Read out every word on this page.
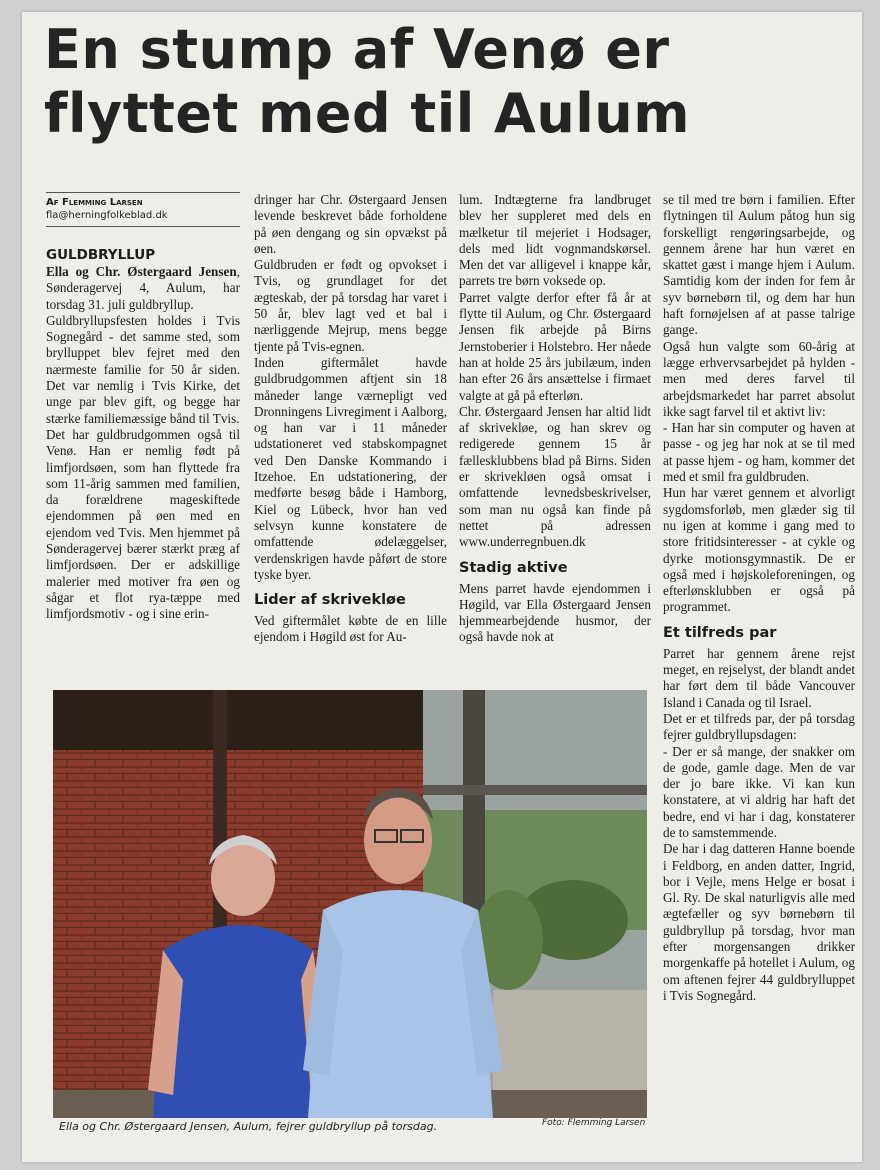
En stump af Venø er
flyttet med til Aulum
Af Flemming Larsen
fla@herningfolkeblad.dk
GULDBRYLLUP

Ella og Chr. Østergaard Jensen, Sønderagervej 4, Aulum, har torsdag 31. juli guldbryllup.

Guldbryllupsfesten holdes i Tvis Sognegård - det samme sted, som brylluppet blev fejret med den nærmeste familie for 50 år siden. Det var nemlig i Tvis Kirke, det unge par blev gift, og begge har stærke familiemæssige bånd til Tvis.

Det har guldbrudgommen også til Venø. Han er nemlig født på limfjordsøen, som han flyttede fra som 11-årig sammen med familien, da forældrene mageskiftede ejendommen på øen med en ejendom ved Tvis. Men hjemmet på Sønderagervej bærer stærkt præg af limfjordsøen. Der er adskillige malerier med motiver fra øen og sågar et flot rya-tæppe med limfjordsmotiv - og i sine erin-

dringer har Chr. Østergaard Jensen levende beskrevet både forholdene på øen dengang og sin opvækst på øen.

Guldbruden er født og opvokset i Tvis, og grundlaget for det ægteskab, der på torsdag har varet i 50 år, blev lagt ved et bal i nærliggende Mejrup, mens begge tjente på Tvis-egnen.

Inden giftermålet havde guldbrudgommen aftjent sin 18 måneder lange værnepligt ved Dronningens Livregiment i Aalborg, og han var i 11 måneder udstationeret ved stabskompagnet ved Den Danske Kommando i Itzehoe. En udstationering, der medførte besøg både i Hamborg, Kiel og Lübeck, hvor han ved selvsyn kunne konstatere de omfattende ødelæggelser, verdenskrigen havde påført de store tyske byer.

Lider af skrivekløe

Ved giftermålet købte de en lille ejendom i Høgild øst for Au-

lum. Indtægterne fra landbruget blev her suppleret med dels en mælketur til mejeriet i Hodsager, dels med lidt vognmandskørsel. Men det var alligevel i knappe kår, parrets tre børn voksede op.

Parret valgte derfor efter få år at flytte til Aulum, og Chr. Østergaard Jensen fik arbejde på Birns Jernstoberier i Holstebro. Her nåede han at holde 25 års jubilæum, inden han efter 26 års ansættelse i firmaet valgte at gå på efterløn.

Chr. Østergaard Jensen har altid lidt af skrivekløe, og han skrev og redigerede gennem 15 år fællesklubbens blad på Birns. Siden er skrivekløen også omsat i omfattende levnedsbeskrivelser, som man nu også kan finde på nettet på adressen www.underregnbuen.dk

Stadig aktive

Mens parret havde ejendommen i Høgild, var Ella Østergaard Jensen hjemmearbejdende husmor, der også havde nok at

se til med tre børn i familien. Efter flytningen til Aulum påtog hun sig forskelligt rengøringsarbejde, og gennem årene har hun været en skattet gæst i mange hjem i Aulum. Samtidig kom der inden for fem år syv børnebørn til, og dem har hun haft fornøjelsen af at passe talrige gange.

Også hun valgte som 60-årig at lægge erhvervsarbejdet på hylden - men med deres farvel til arbejdsmarkedet har parret absolut ikke sagt farvel til et aktivt liv:

- Han har sin computer og haven at passe - og jeg har nok at se til med at passe hjem - og ham, kommer det med et smil fra guldbruden.

Hun har været gennem et alvorligt sygdomsforløb, men glæder sig til nu igen at komme i gang med to store fritidsinteresser - at cykle og dyrke motionsgymnastik. De er også med i højskoleforeningen, og efterlønsklubben er også på programmet.

Et tilfreds par

Parret har gennem årene rejst meget, en rejselyst, der blandt andet har ført dem til både Vancouver Island i Canada og til Israel.

Det er et tilfreds par, der på torsdag fejrer guldbryllupsdagen:

- Der er så mange, der snakker om de gode, gamle dage. Men de var der jo bare ikke. Vi kan kun konstatere, at vi aldrig har haft det bedre, end vi har i dag, konstaterer de to samstemmende.

De har i dag datteren Hanne boende i Feldborg, en anden datter, Ingrid, bor i Vejle, mens Helge er bosat i Gl. Ry. De skal naturligvis alle med ægtefæller og syv børnebørn til guldbryllup på torsdag, hvor man efter morgensangen drikker morgenkaffe på hotellet i Aulum, og om aftenen fejrer 44 guldbrylluppet i Tvis Sognegård.

Ella og Chr. Østergaard Jensen, Aulum, fejrer guldbryllup på torsdag.	Foto: Flemming Larsen
